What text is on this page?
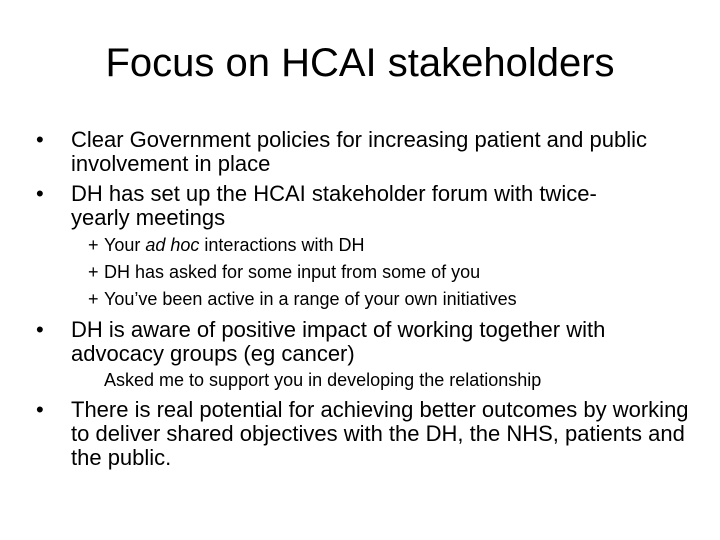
Focus on HCAI stakeholders
•	Clear Government policies for increasing patient and public involvement in place
•	DH has set up the HCAI stakeholder forum with twice-
yearly meetings
+ Your ad hoc interactions with DH
+ DH has asked for some input from some of you
+ You’ve been active in a range of your own initiatives
•	DH is aware of positive impact of working together with advocacy groups (eg cancer)
Asked me to support you in developing the relationship
•	There is real potential for achieving better outcomes by working to deliver shared objectives with the DH, the NHS, patients and the public.
